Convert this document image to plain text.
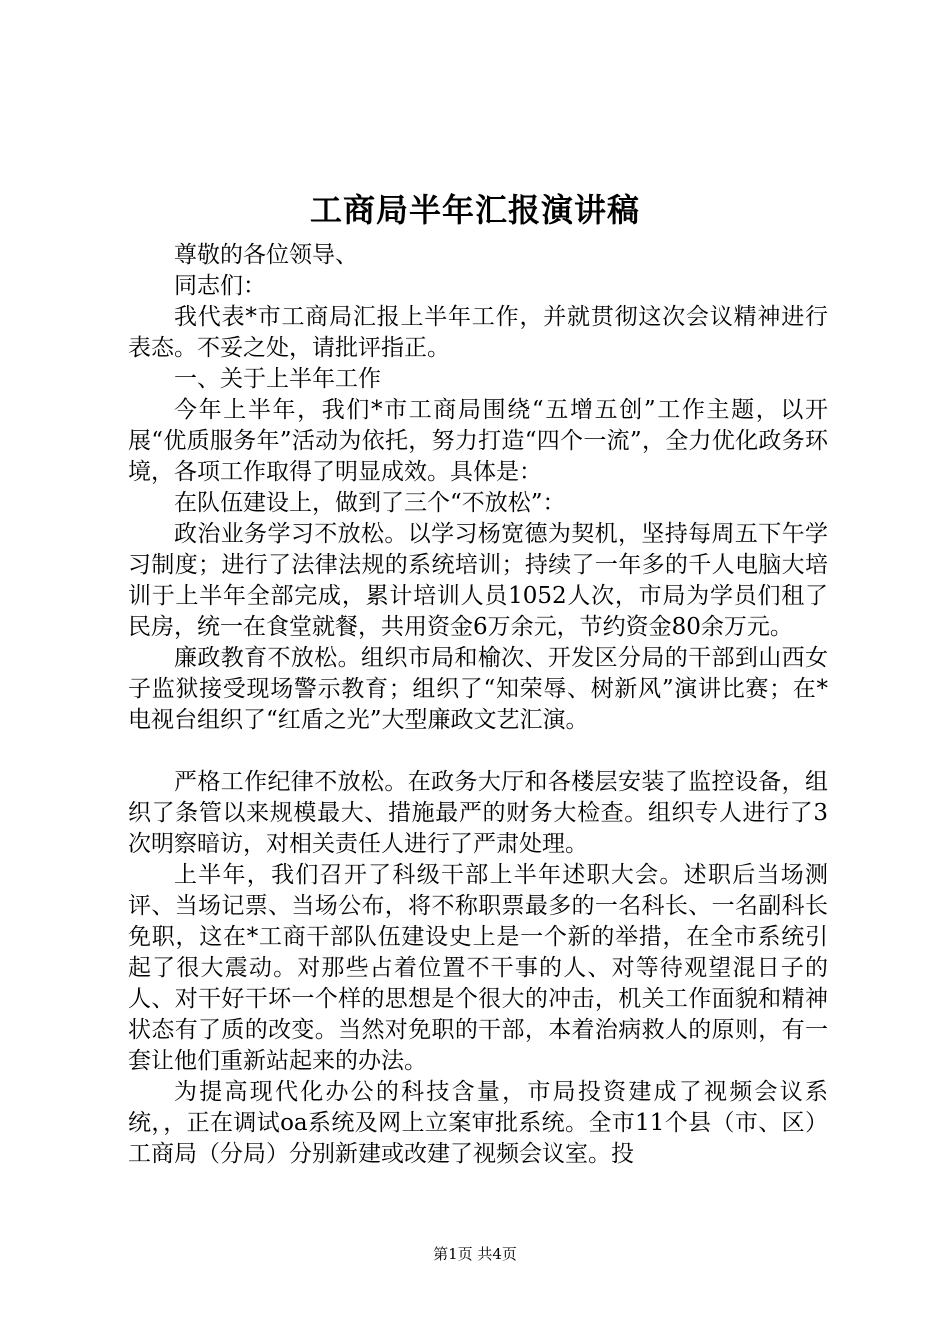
工商局半年汇报演讲稿

尊敬的各位领导、

同志们：

我代表*市工商局汇报上半年工作，并就贯彻这次会议精神进行表态。不妥之处，请批评指正。

一、关于上半年工作

今年上半年，我们*市工商局围绕“五增五创”工作主题，以开展“优质服务年”活动为依托，努力打造“四个一流”，全力优化政务环境，各项工作取得了明显成效。具体是：

在队伍建设上，做到了三个“不放松”：

政治业务学习不放松。以学习杨宽德为契机，坚持每周五下午学习制度；进行了法律法规的系统培训；持续了一年多的千人电脑大培训于上半年全部完成，累计培训人员1052人次，市局为学员们租了民房，统一在食堂就餐，共用资金6万余元，节约资金80余万元。

廉政教育不放松。组织市局和榆次、开发区分局的干部到山西女子监狱接受现场警示教育；组织了“知荣辱、树新风”演讲比赛；在*电视台组织了“红盾之光”大型廉政文艺汇演。

严格工作纪律不放松。在政务大厅和各楼层安装了监控设备，组织了条管以来规模最大、措施最严的财务大检查。组织专人进行了3次明察暗访，对相关责任人进行了严肃处理。

上半年，我们召开了科级干部上半年述职大会。述职后当场测评、当场记票、当场公布，将不称职票最多的一名科长、一名副科长免职，这在*工商干部队伍建设史上是一个新的举措，在全市系统引起了很大震动。对那些占着位置不干事的人、对等待观望混日子的人、对干好干坏一个样的思想是个很大的冲击，机关工作面貌和精神状态有了质的改变。当然对免职的干部，本着治病救人的原则，有一套让他们重新站起来的办法。

为提高现代化办公的科技含量，市局投资建成了视频会议系统，，正在调试oa系统及网上立案审批系统。全市11个县（市、区）工商局（分局）分别新建或改建了视频会议室。投

第1页 共4页
